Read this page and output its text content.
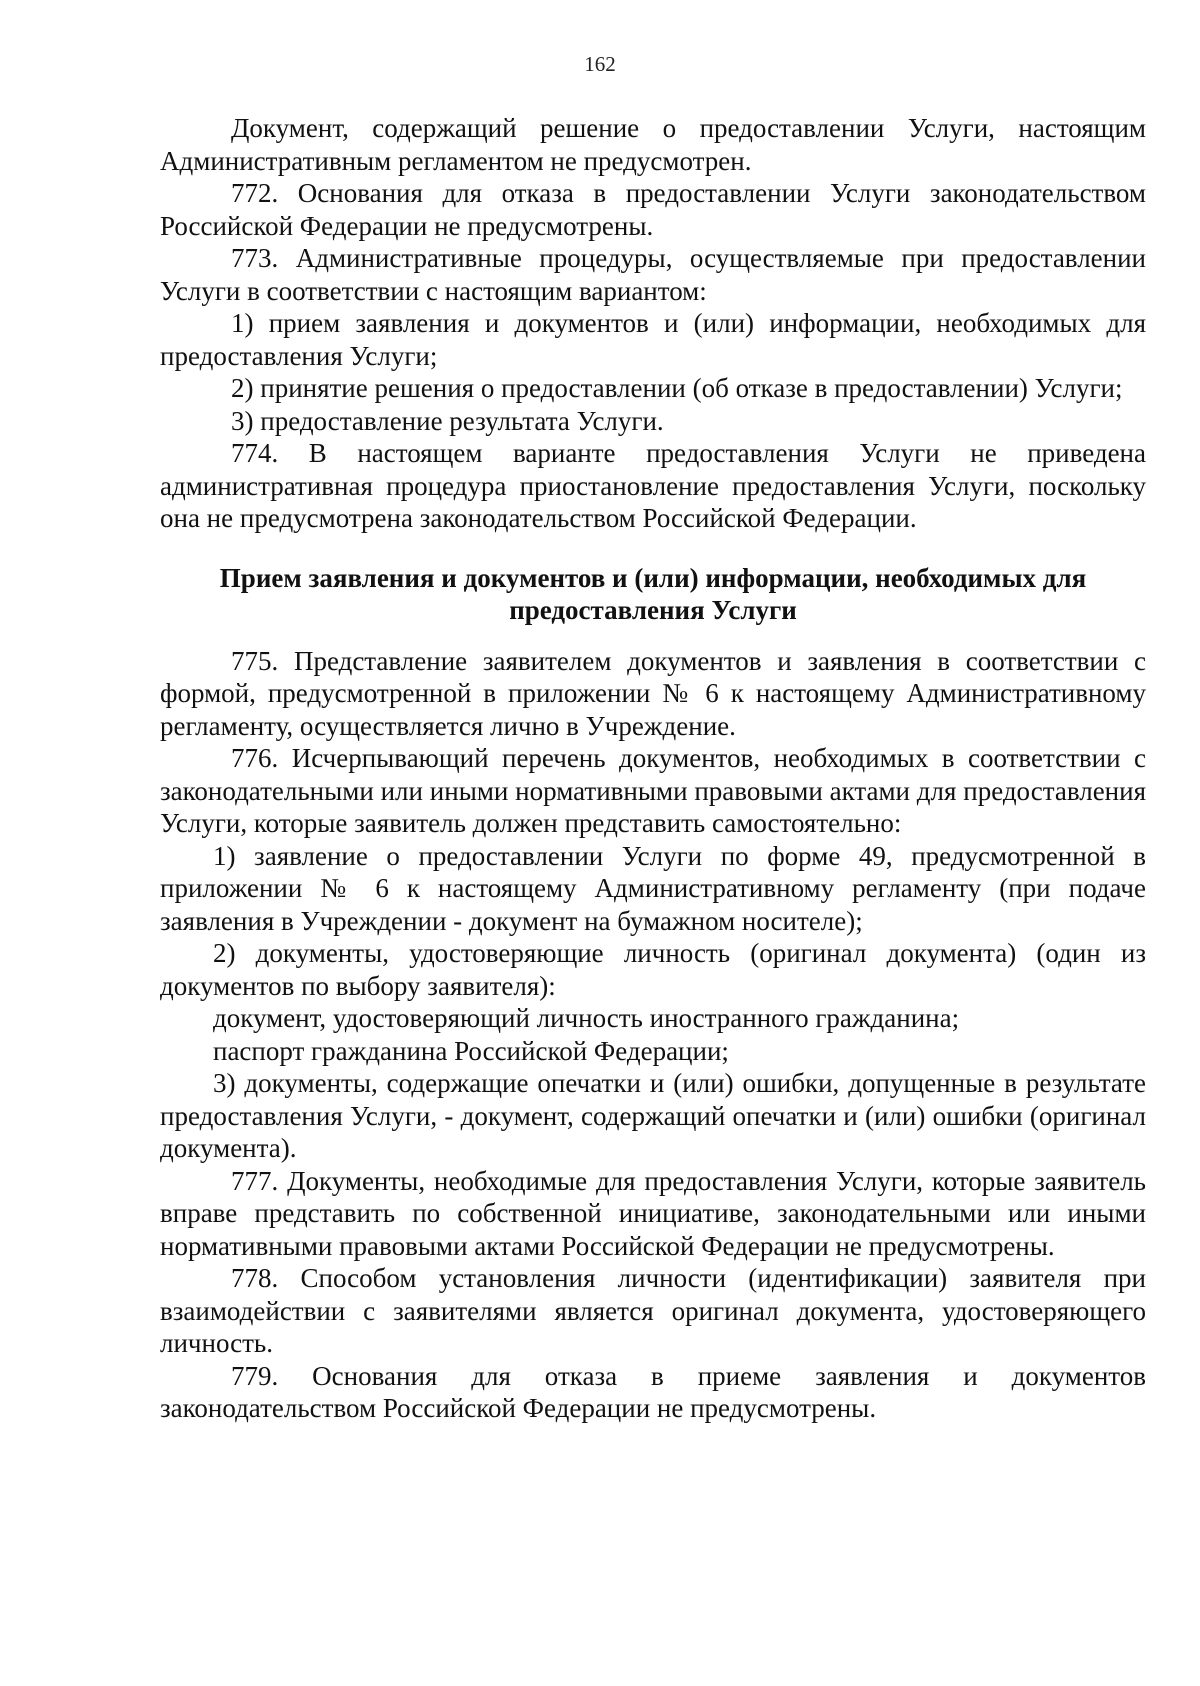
162

Документ, содержащий решение о предоставлении Услуги, настоящим Административным регламентом не предусмотрен.

772. Основания для отказа в предоставлении Услуги законодательством Российской Федерации не предусмотрены.

773. Административные процедуры, осуществляемые при предоставлении Услуги в соответствии с настоящим вариантом:

1) прием заявления и документов и (или) информации, необходимых для предоставления Услуги;

2) принятие решения о предоставлении (об отказе в предоставлении) Услуги;

3) предоставление результата Услуги.

774. В настоящем варианте предоставления Услуги не приведена административная процедура приостановление предоставления Услуги, поскольку она не предусмотрена законодательством Российской Федерации.

Прием заявления и документов и (или) информации, необходимых для предоставления Услуги

775. Представление заявителем документов и заявления в соответствии с формой, предусмотренной в приложении № 6 к настоящему Административному регламенту, осуществляется лично в Учреждение.

776. Исчерпывающий перечень документов, необходимых в соответствии с законодательными или иными нормативными правовыми актами для предоставления Услуги, которые заявитель должен представить самостоятельно:

1) заявление о предоставлении Услуги по форме 49, предусмотренной в приложении № 6 к настоящему Административному регламенту (при подаче заявления в Учреждении - документ на бумажном носителе);

2) документы, удостоверяющие личность (оригинал документа) (один из документов по выбору заявителя):

документ, удостоверяющий личность иностранного гражданина;

паспорт гражданина Российской Федерации;

3) документы, содержащие опечатки и (или) ошибки, допущенные в результате предоставления Услуги, - документ, содержащий опечатки и (или) ошибки (оригинал документа).

777. Документы, необходимые для предоставления Услуги, которые заявитель вправе представить по собственной инициативе, законодательными или иными нормативными правовыми актами Российской Федерации не предусмотрены.

778. Способом установления личности (идентификации) заявителя при взаимодействии с заявителями является оригинал документа, удостоверяющего личность.

779. Основания для отказа в приеме заявления и документов законодательством Российской Федерации не предусмотрены.
